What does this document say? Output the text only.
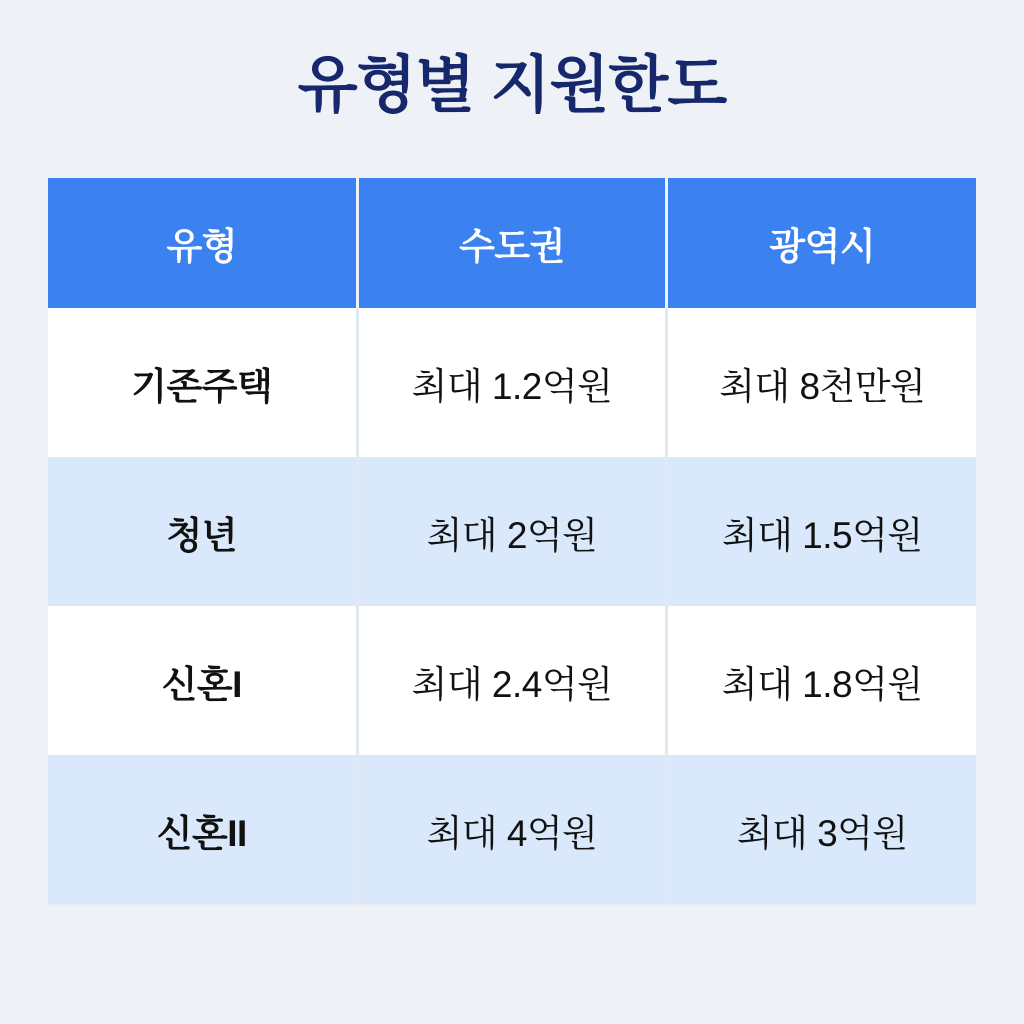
유형별 지원한도
유형	수도권	광역시
기존주택	최대 1.2억원	최대 8천만원
청년	최대 2억원	최대 1.5억원
신혼I	최대 2.4억원	최대 1.8억원
신혼II	최대 4억원	최대 3억원
